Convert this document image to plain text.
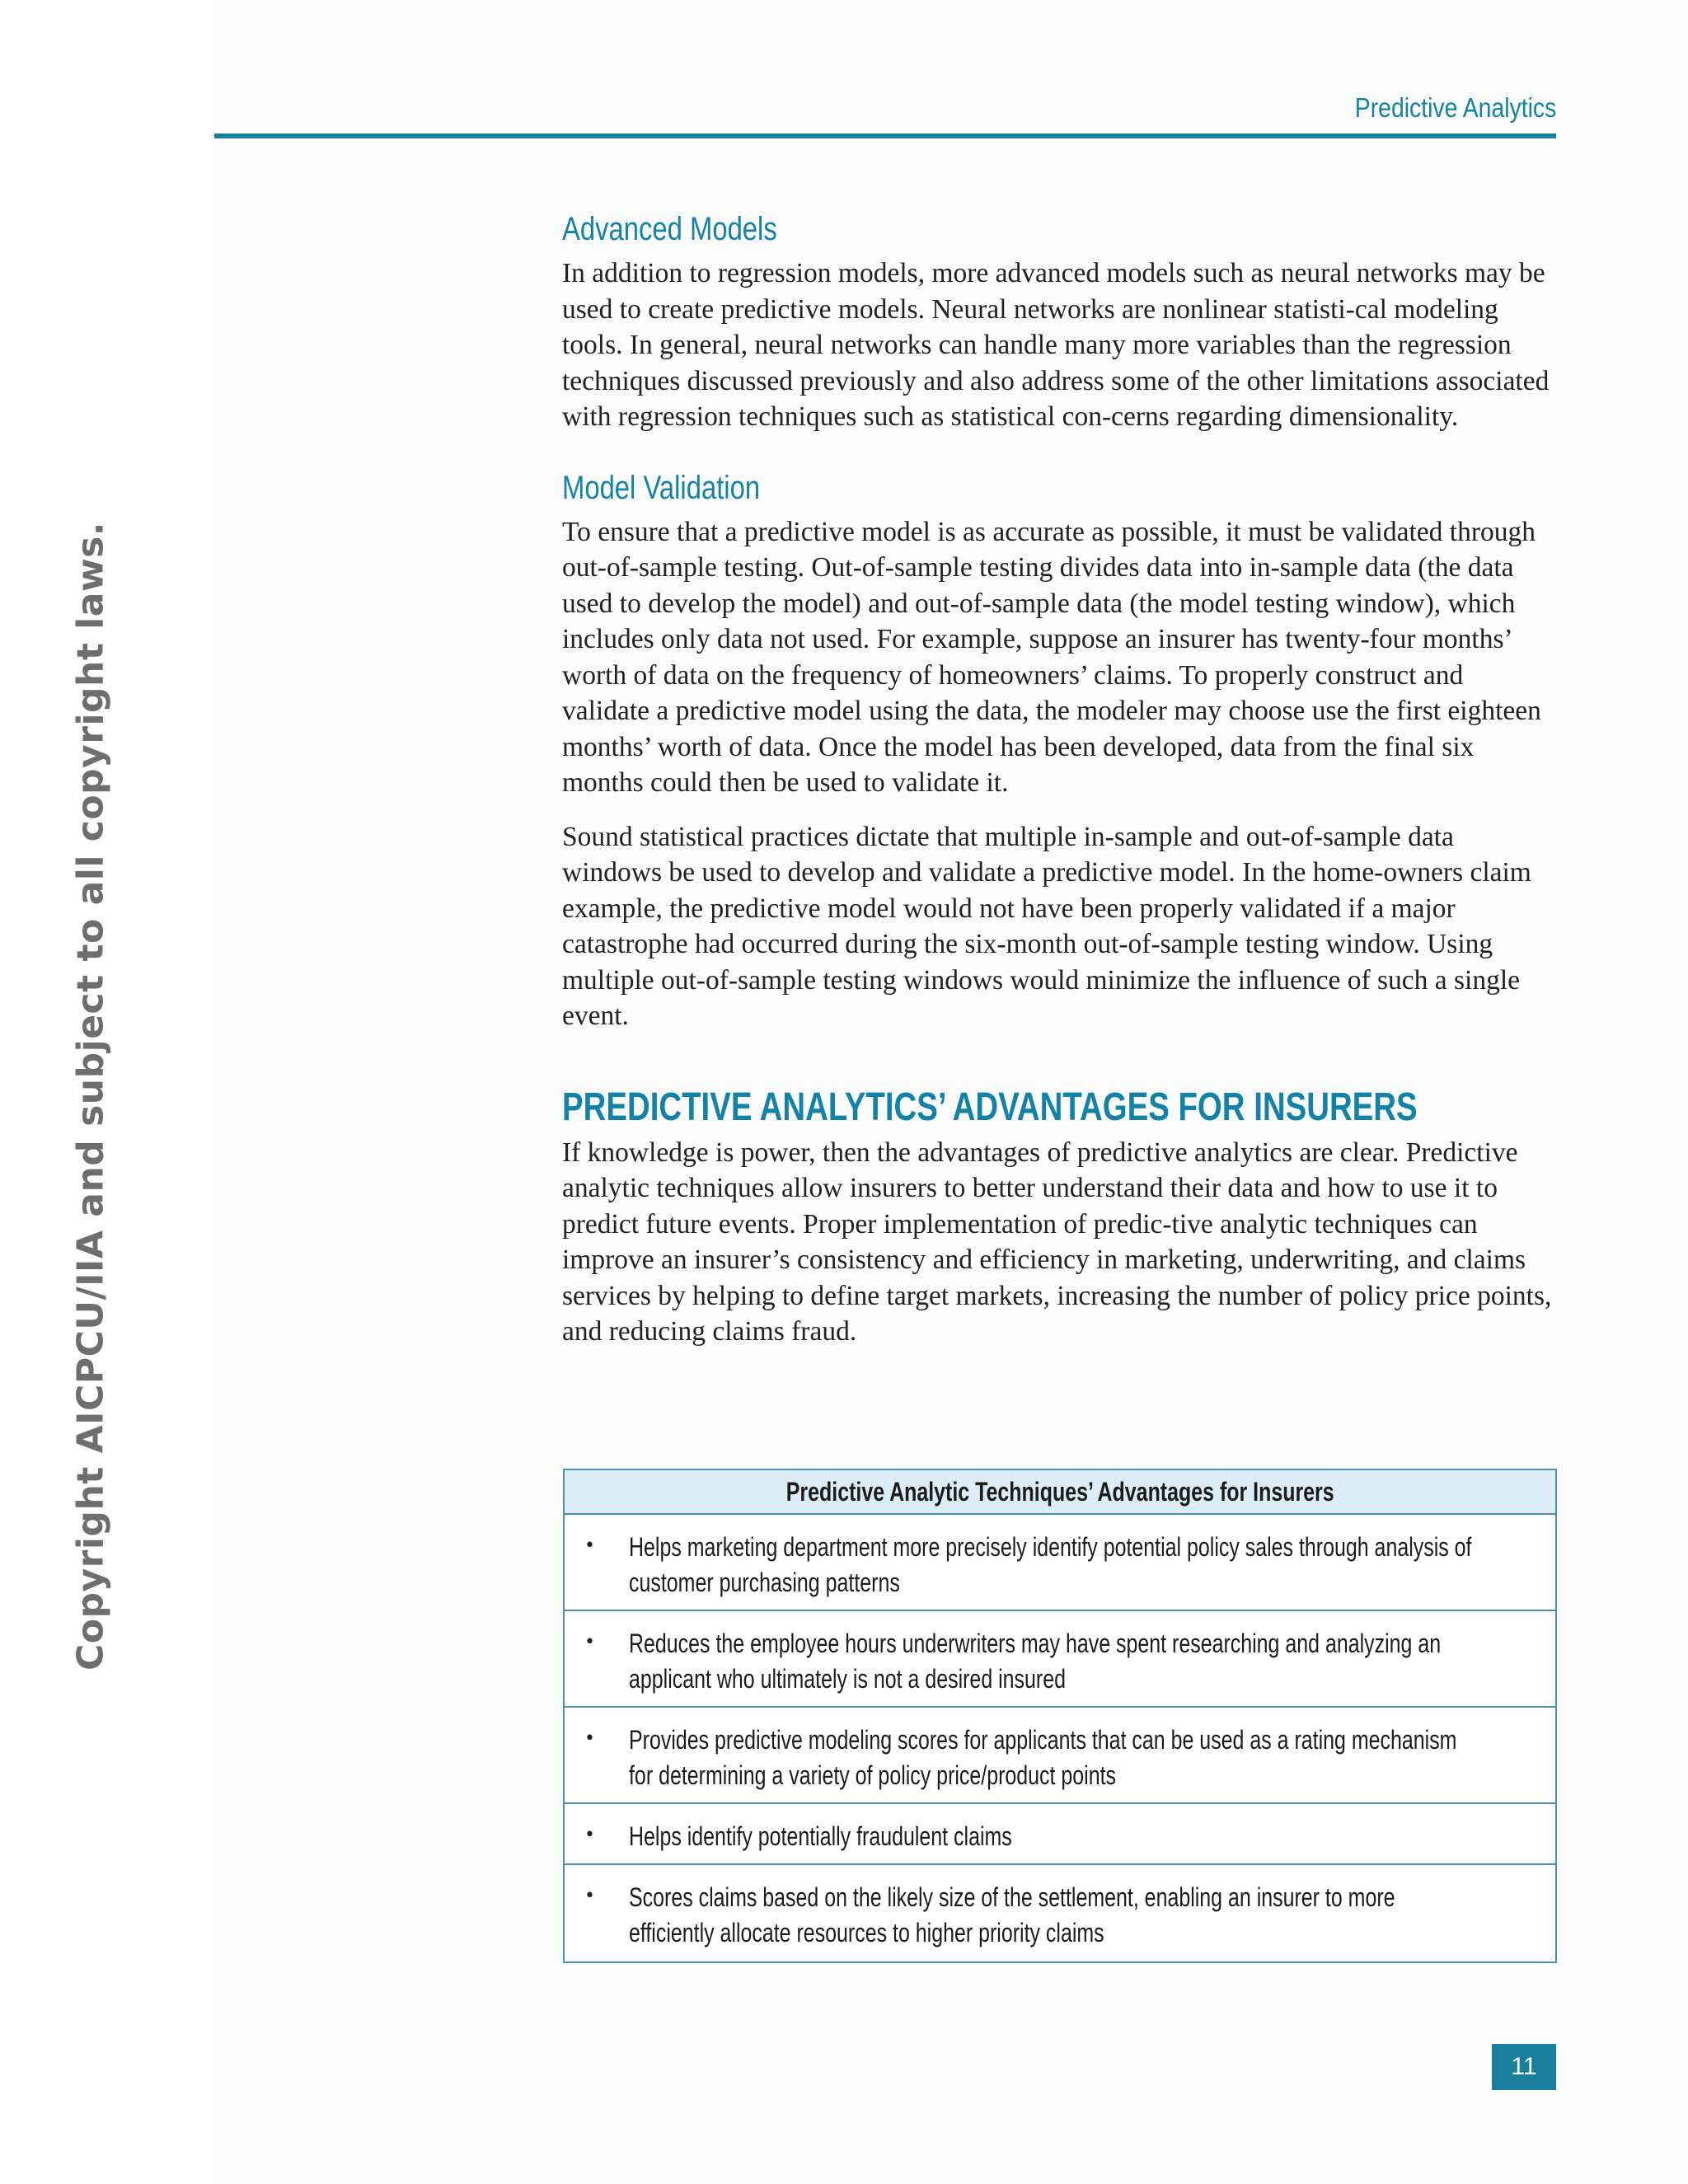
Predictive Analytics
Copyright AICPCU/IIA and subject to all copyright laws.
Advanced Models

In addition to regression models, more advanced models such as neural networks may be used to create predictive models. Neural networks are nonlinear statisti-cal modeling tools. In general, neural networks can handle many more variables than the regression techniques discussed previously and also address some of the other limitations associated with regression techniques such as statistical con-cerns regarding dimensionality.

Model Validation

To ensure that a predictive model is as accurate as possible, it must be validated through out-of-sample testing. Out-of-sample testing divides data into in-sample data (the data used to develop the model) and out-of-sample data (the model testing window), which includes only data not used. For example, suppose an insurer has twenty-four months’ worth of data on the frequency of homeowners’ claims. To properly construct and validate a predictive model using the data, the modeler may choose use the first eighteen months’ worth of data. Once the model has been developed, data from the final six months could then be used to validate it.

Sound statistical practices dictate that multiple in-sample and out-of-sample data windows be used to develop and validate a predictive model. In the home-owners claim example, the predictive model would not have been properly validated if a major catastrophe had occurred during the six-month out-of-sample testing window. Using multiple out-of-sample testing windows would minimize the influence of such a single event.

PREDICTIVE ANALYTICS’ ADVANTAGES FOR INSURERS

If knowledge is power, then the advantages of predictive analytics are clear. Predictive analytic techniques allow insurers to better understand their data and how to use it to predict future events. Proper implementation of predic-tive analytic techniques can improve an insurer’s consistency and efficiency in marketing, underwriting, and claims services by helping to define target markets, increasing the number of policy price points, and reducing claims fraud.

Predictive Analytic Techniques’ Advantages for Insurers
• Helps marketing department more precisely identify potential policy sales through analysis of customer purchasing patterns
• Reduces the employee hours underwriters may have spent researching and analyzing an applicant who ultimately is not a desired insured
• Provides predictive modeling scores for applicants that can be used as a rating mechanism for determining a variety of policy price/product points
• Helps identify potentially fraudulent claims
• Scores claims based on the likely size of the settlement, enabling an insurer to more efficiently allocate resources to higher priority claims
11
